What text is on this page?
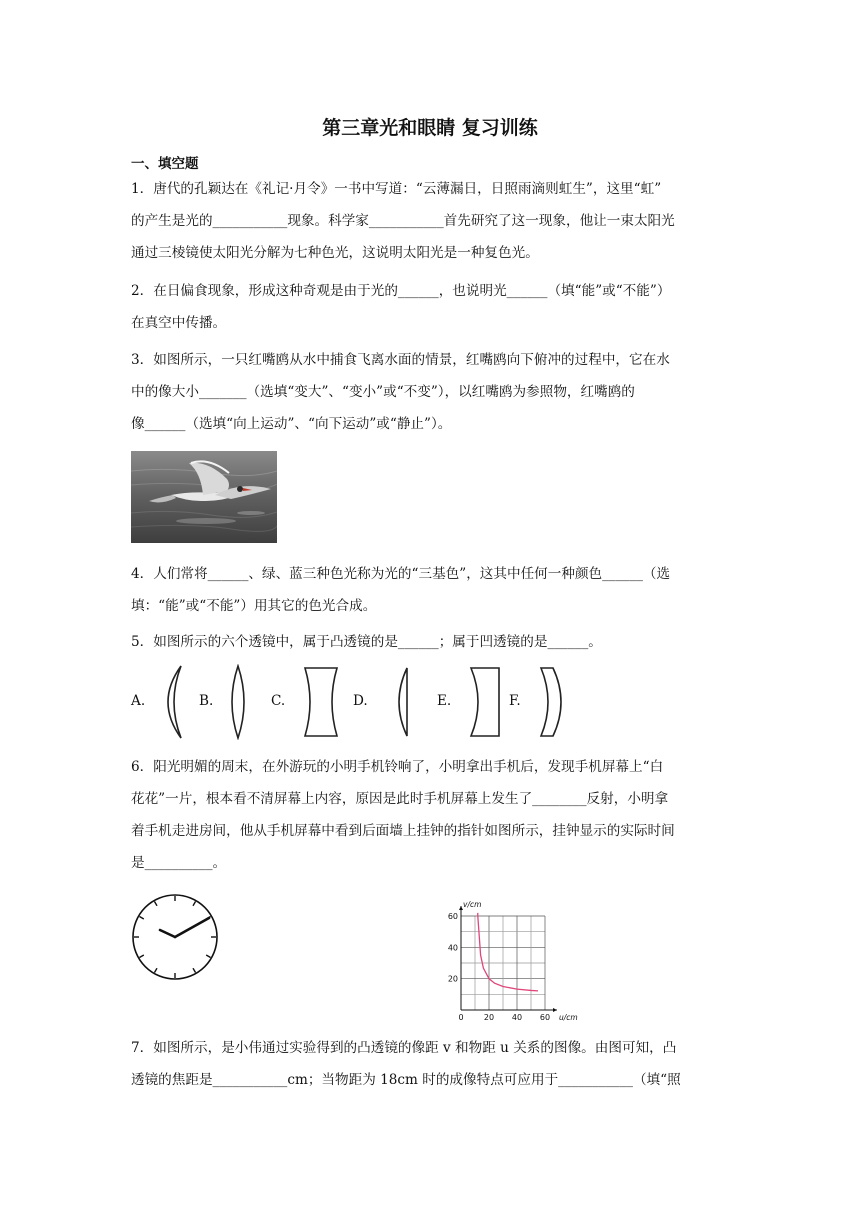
第三章光和眼睛 复习训练
一、填空题
1．唐代的孔颖达在《礼记·月令》一书中写道：“云薄漏日，日照雨滴则虹生”，这里“虹”
的产生是光的___________现象。科学家___________首先研究了这一现象，他让一束太阳光
通过三棱镜使太阳光分解为七种色光，这说明太阳光是一种复色光。
2．在日偏食现象，形成这种奇观是由于光的______，也说明光______（填“能”或“不能”）
在真空中传播。
3．如图所示，一只红嘴鸥从水中捕食飞离水面的情景，红嘴鸥向下俯冲的过程中，它在水
中的像大小_______（选填“变大”、“变小”或“不变”），以红嘴鸥为参照物，红嘴鸥的
像______（选填“向上运动”、“向下运动”或“静止”）。
4．人们常将______、绿、蓝三种色光称为光的“三基色”，这其中任何一种颜色______（选
填：“能”或“不能”）用其它的色光合成。
5．如图所示的六个透镜中，属于凸透镜的是______；属于凹透镜的是______。
A.	B.	C.	D.	E.	F.
6．阳光明媚的周末，在外游玩的小明手机铃响了，小明拿出手机后，发现手机屏幕上“白
花花”一片，根本看不清屏幕上内容，原因是此时手机屏幕上发生了________反射，小明拿
着手机走进房间，他从手机屏幕中看到后面墙上挂钟的指针如图所示，挂钟显示的实际时间
是__________。
0	20 40 60
20
40
60
u/cm
v/cm
7．如图所示，是小伟通过实验得到的凸透镜的像距 v 和物距 u 关系的图像。由图可知，凸
透镜的焦距是___________cm；当物距为 18cm 时的成像特点可应用于___________（填“照
